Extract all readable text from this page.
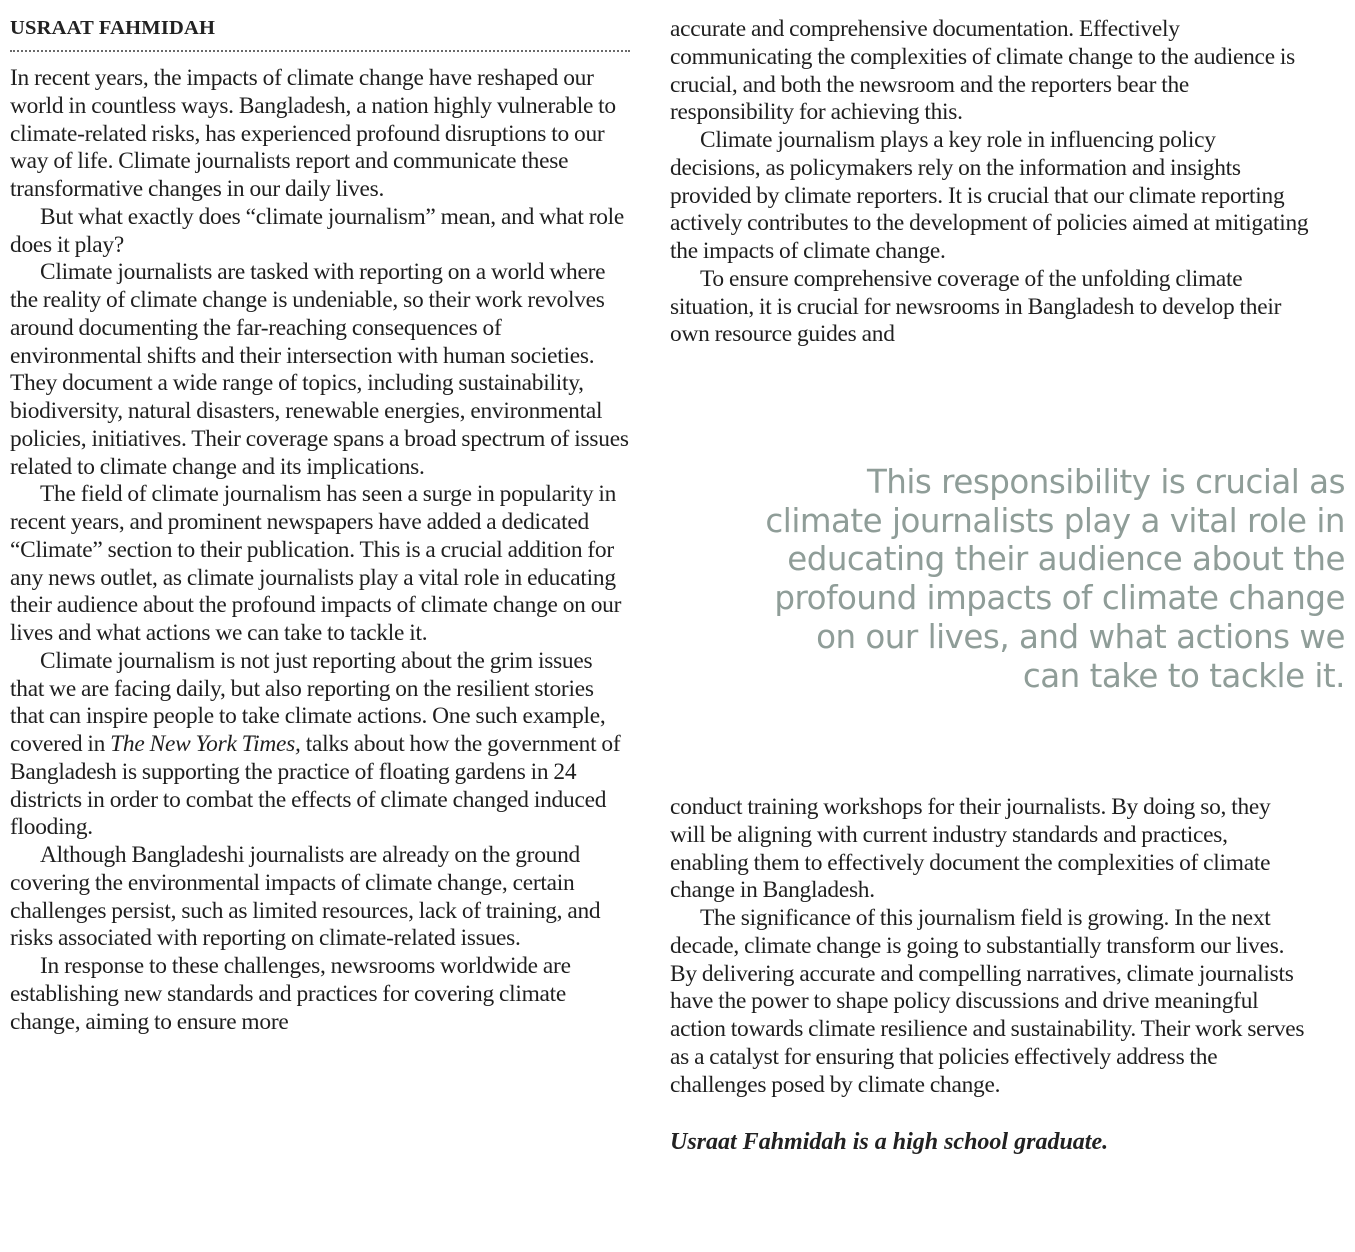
USRAAT FAHMIDAH

In recent years, the impacts of climate change have reshaped our world in countless ways. Bangladesh, a nation highly vulnerable to climate-related risks, has experienced profound disruptions to our way of life. Climate journalists report and communicate these transformative changes in our daily lives.

But what exactly does “climate journalism” mean, and what role does it play?

Climate journalists are tasked with reporting on a world where the reality of climate change is undeniable, so their work revolves around documenting the far-reaching consequences of environmental shifts and their intersection with human societies. They document a wide range of topics, including sustainability, biodiversity, natural disasters, renewable energies, environmental policies, initiatives. Their coverage spans a broad spectrum of issues related to climate change and its implications.

The field of climate journalism has seen a surge in popularity in recent years, and prominent newspapers have added a dedicated “Climate” section to their publication. This is a crucial addition for any news outlet, as climate journalists play a vital role in educating their audience about the profound impacts of climate change on our lives and what actions we can take to tackle it.

Climate journalism is not just reporting about the grim issues that we are facing daily, but also reporting on the resilient stories that can inspire people to take climate actions. One such example, covered in The New York Times, talks about how the government of Bangladesh is supporting the practice of floating gardens in 24 districts in order to combat the effects of climate changed induced flooding.

Although Bangladeshi journalists are already on the ground covering the environmental impacts of climate change, certain challenges persist, such as limited resources, lack of training, and risks associated with reporting on climate-related issues.

In response to these challenges, newsrooms worldwide are establishing new standards and practices for covering climate change, aiming to ensure more

accurate and comprehensive documentation. Effectively communicating the complexities of climate change to the audience is crucial, and both the newsroom and the reporters bear the responsibility for achieving this.

Climate journalism plays a key role in influencing policy decisions, as policymakers rely on the information and insights provided by climate reporters. It is crucial that our climate reporting actively contributes to the development of policies aimed at mitigating the impacts of climate change.

To ensure comprehensive coverage of the unfolding climate situation, it is crucial for newsrooms in Bangladesh to develop their own resource guides and

This responsibility is crucial as climate journalists play a vital role in educating their audience about the profound impacts of climate change on our lives, and what actions we can take to tackle it.

conduct training workshops for their journalists. By doing so, they will be aligning with current industry standards and practices, enabling them to effectively document the complexities of climate change in Bangladesh.

The significance of this journalism field is growing. In the next decade, climate change is going to substantially transform our lives. By delivering accurate and compelling narratives, climate journalists have the power to shape policy discussions and drive meaningful action towards climate resilience and sustainability. Their work serves as a catalyst for ensuring that policies effectively address the challenges posed by climate change.

Usraat Fahmidah is a high school graduate.
